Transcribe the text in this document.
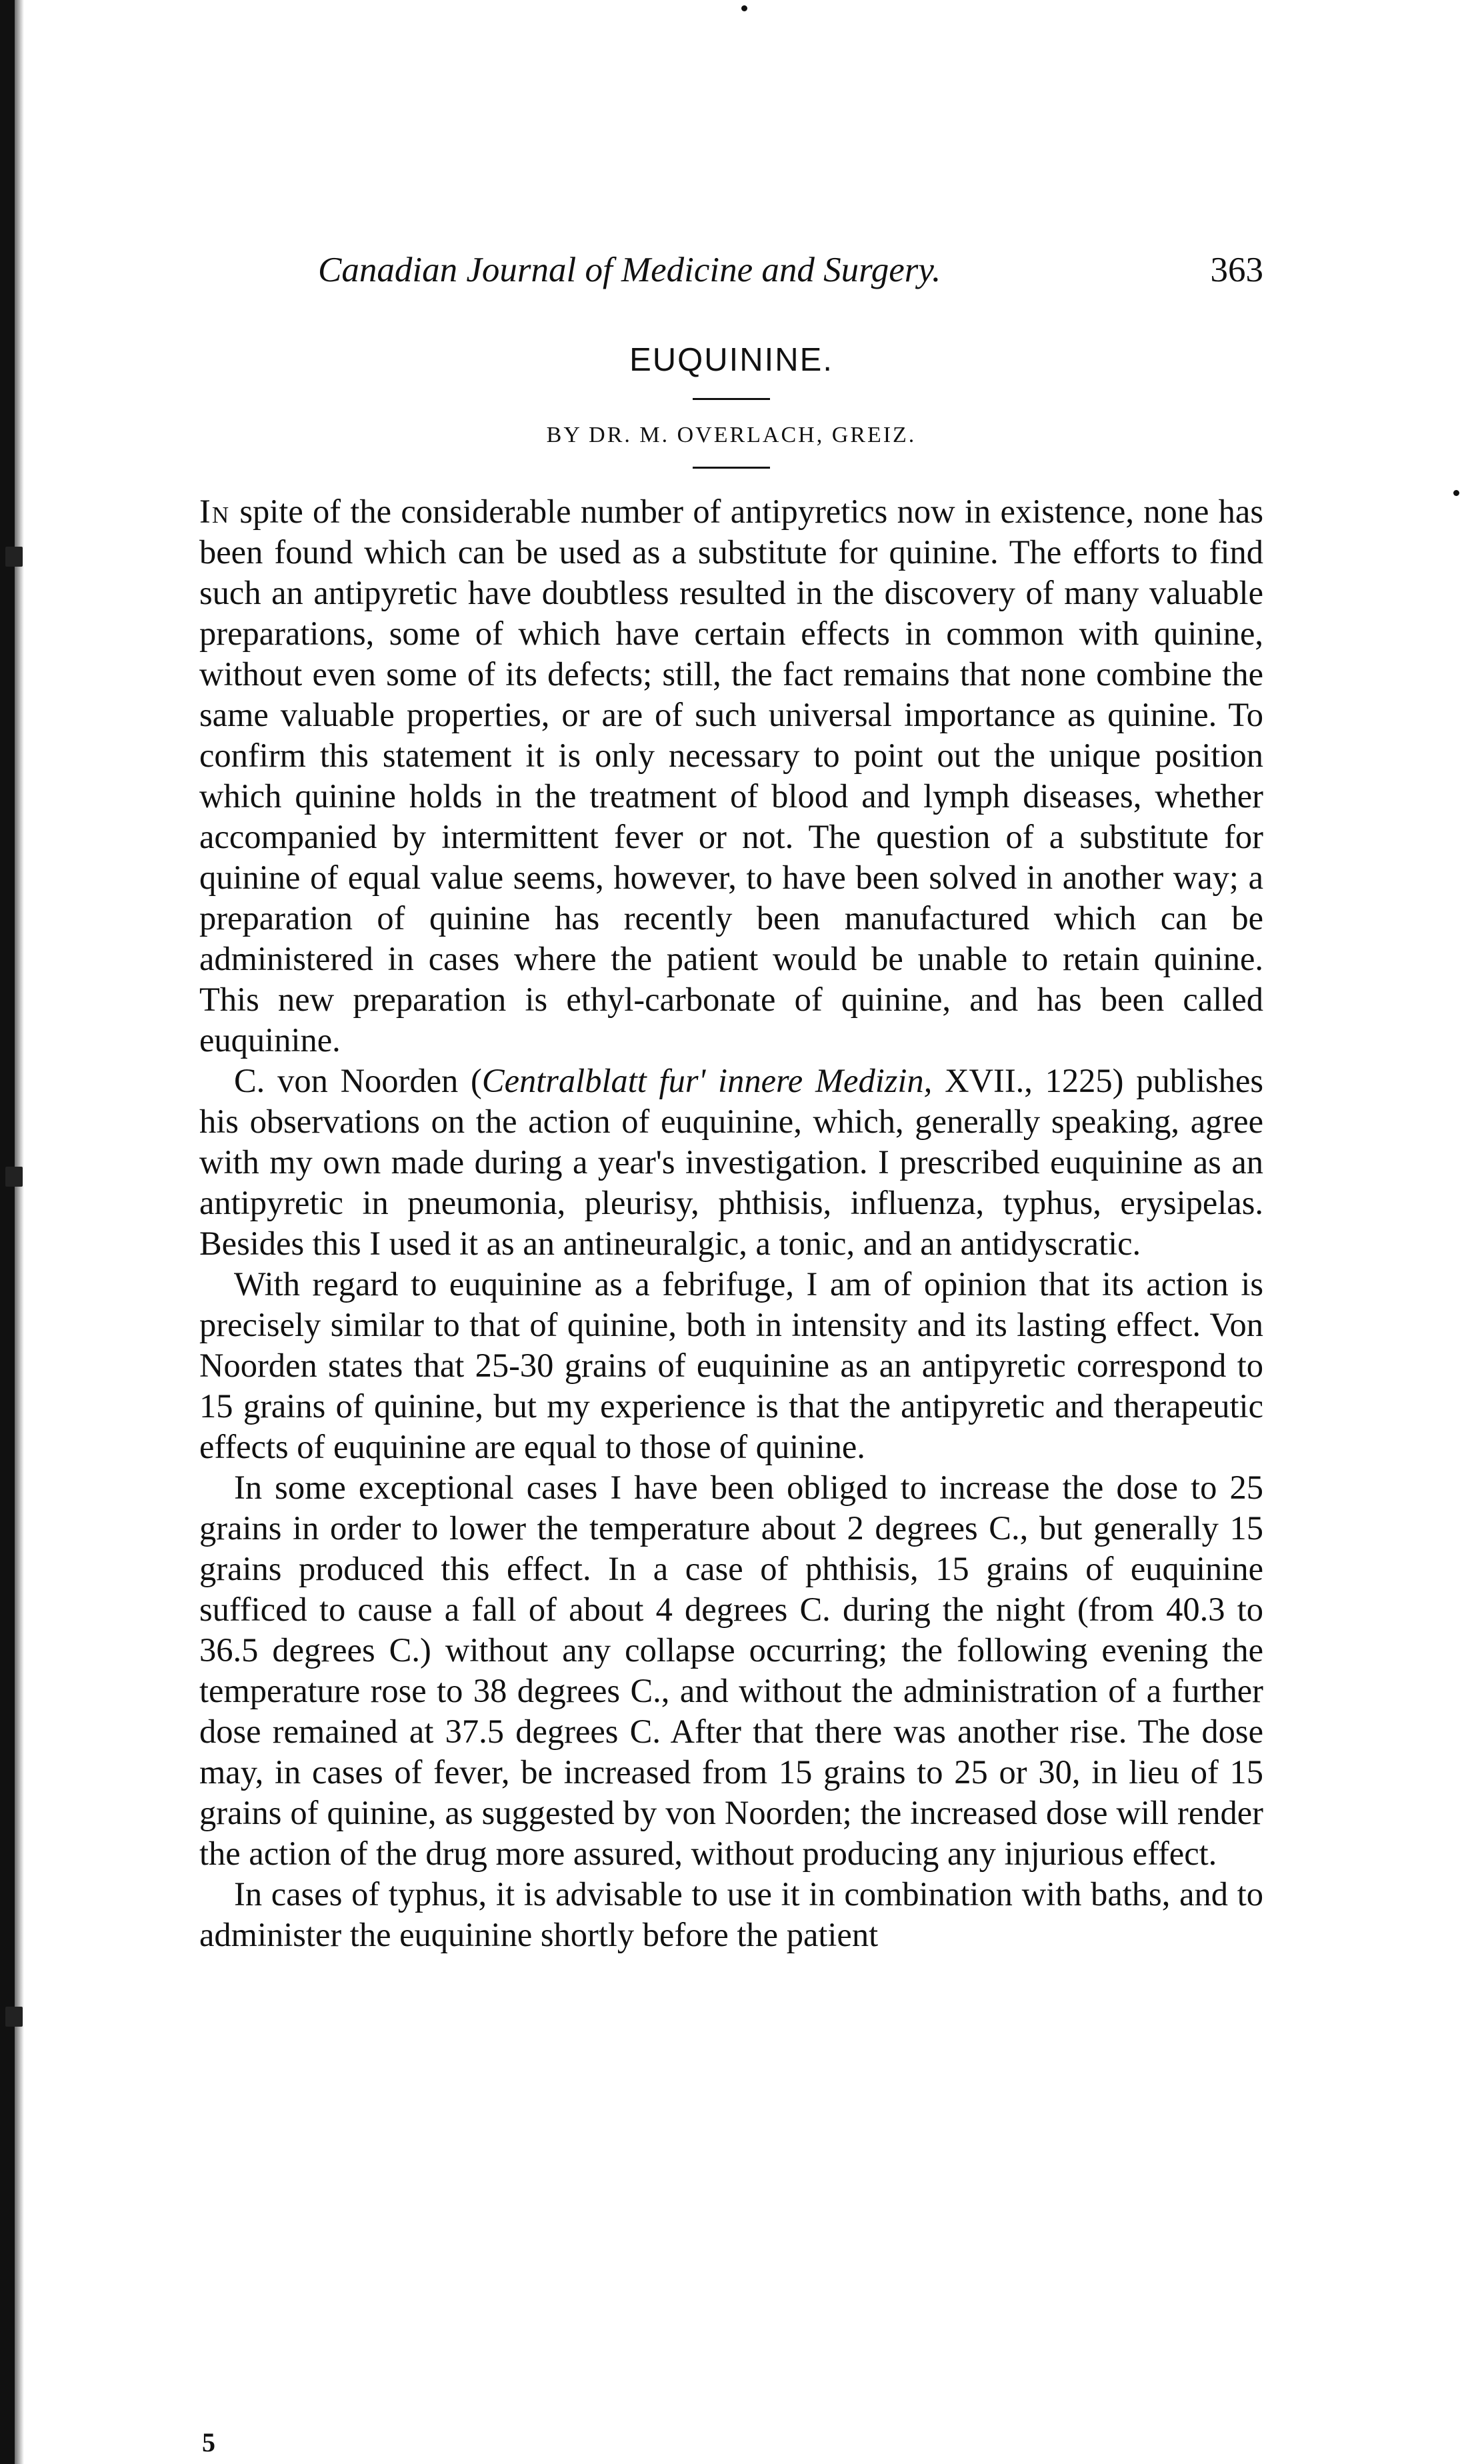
Canadian Journal of Medicine and Surgery.	363
EUQUININE.
BY DR. M. OVERLACH, GREIZ.

In spite of the considerable number of antipyretics now in existence, none has been found which can be used as a substitute for quinine. The efforts to find such an antipyretic have doubtless resulted in the discovery of many valuable preparations, some of which have certain effects in common with quinine, without even some of its defects; still, the fact remains that none combine the same valuable properties, or are of such universal importance as quinine. To confirm this statement it is only necessary to point out the unique position which quinine holds in the treatment of blood and lymph diseases, whether accompanied by intermittent fever or not. The question of a substitute for quinine of equal value seems, however, to have been solved in another way; a preparation of quinine has recently been manufactured which can be administered in cases where the patient would be unable to retain quinine. This new preparation is ethyl-carbonate of quinine, and has been called euquinine.

C. von Noorden (Centralblatt fur' innere Medizin, XVII., 1225) publishes his observations on the action of euquinine, which, generally speaking, agree with my own made during a year's investigation. I prescribed euquinine as an antipyretic in pneumonia, pleurisy, phthisis, influenza, typhus, erysipelas. Besides this I used it as an antineuralgic, a tonic, and an antidyscratic.

With regard to euquinine as a febrifuge, I am of opinion that its action is precisely similar to that of quinine, both in intensity and its lasting effect. Von Noorden states that 25-30 grains of euquinine as an antipyretic correspond to 15 grains of quinine, but my experience is that the antipyretic and therapeutic effects of euquinine are equal to those of quinine.

In some exceptional cases I have been obliged to increase the dose to 25 grains in order to lower the temperature about 2 degrees C., but generally 15 grains produced this effect. In a case of phthisis, 15 grains of euquinine sufficed to cause a fall of about 4 degrees C. during the night (from 40.3 to 36.5 degrees C.) without any collapse occurring; the following evening the temperature rose to 38 degrees C., and without the administration of a further dose remained at 37.5 degrees C. After that there was another rise. The dose may, in cases of fever, be increased from 15 grains to 25 or 30, in lieu of 15 grains of quinine, as suggested by von Noorden; the increased dose will render the action of the drug more assured, without producing any injurious effect.

In cases of typhus, it is advisable to use it in combination with baths, and to administer the euquinine shortly before the patient

5
